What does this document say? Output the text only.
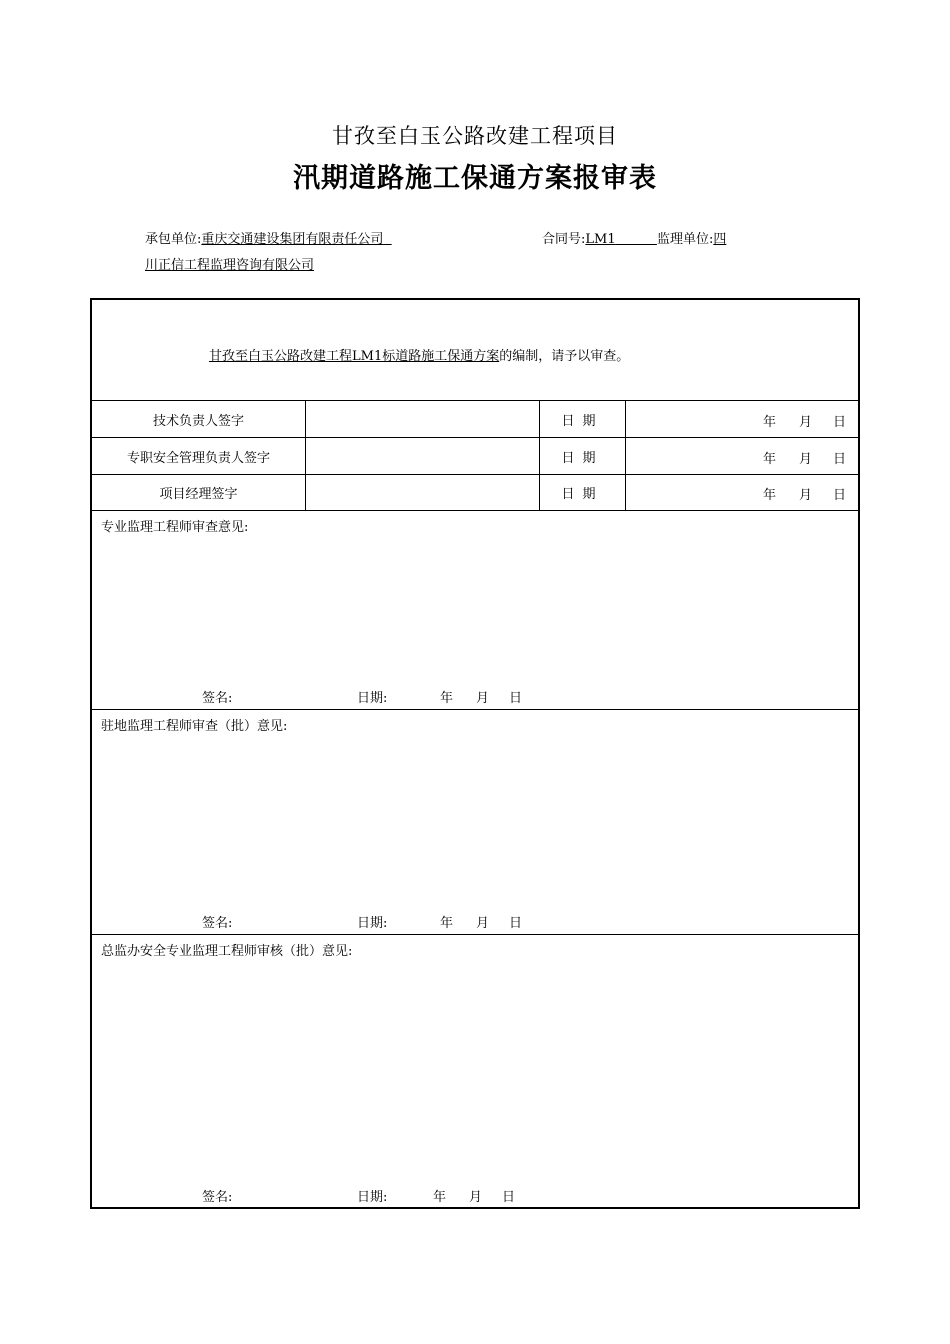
甘孜至白玉公路改建工程项目
汛期道路施工保通方案报审表
承包单位:重庆交通建设集团有限责任公司	合同号:LM1	监理单位:四
川正信工程监理咨询有限公司
甘孜至白玉公路改建工程LM1标道路施工保通方案的编制，请予以审查。
技术负责人签字	日期	年 月 日
专职安全管理负责人签字	日期	年 月 日
项目经理签字	日期	年 月 日
专业监理工程师审查意见:
签名:	日期:	年 月 日
驻地监理工程师审查（批）意见:
签名:	日期:	年 月 日
总监办安全专业监理工程师审核（批）意见:
签名:	日期:	年 月 日
